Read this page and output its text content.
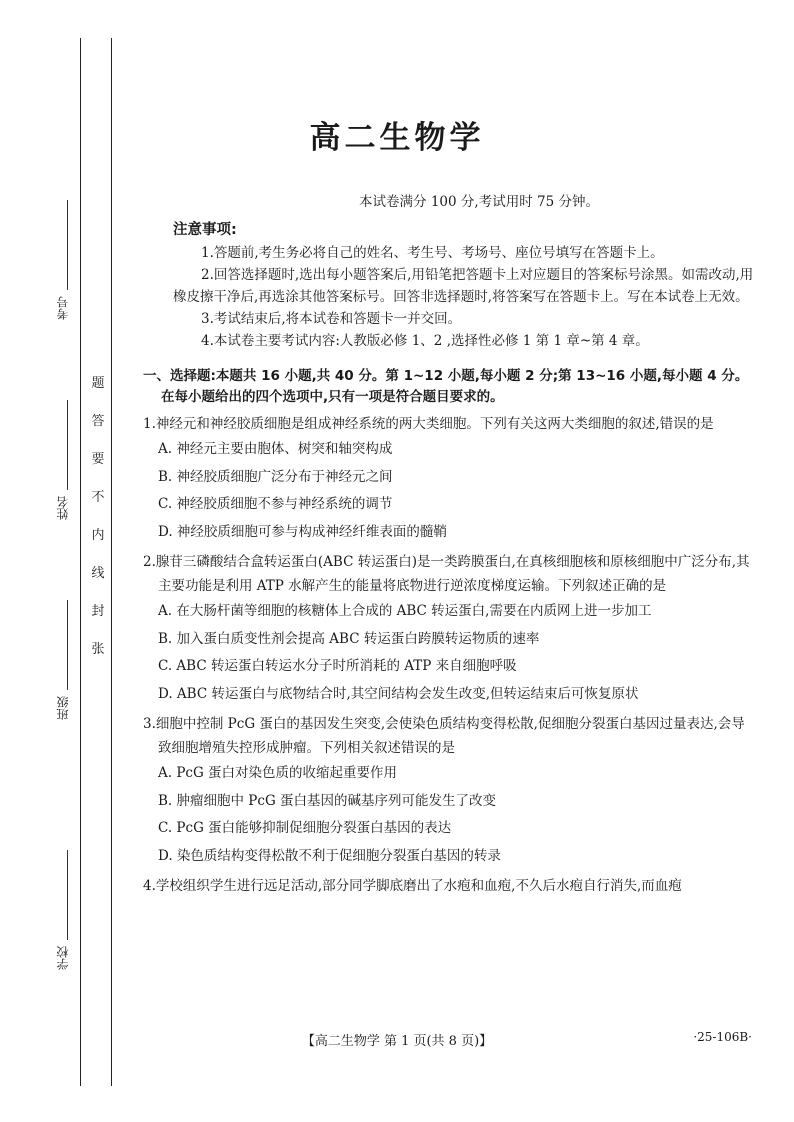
考号
姓名
班级
学校
题
答
要
不
内
线
封
张
高二生物学
本试卷满分 100 分,考试用时 75 分钟。
注意事项:
1.答题前,考生务必将自己的姓名、考生号、考场号、座位号填写在答题卡上。
2.回答选择题时,选出每小题答案后,用铅笔把答题卡上对应题目的答案标号涂黑。如需改动,用橡皮擦干净后,再选涂其他答案标号。回答非选择题时,将答案写在答题卡上。写在本试卷上无效。
3.考试结束后,将本试卷和答题卡一并交回。
4.本试卷主要考试内容:人教版必修 1、2 ,选择性必修 1 第 1 章~第 4 章。
一、选择题:本题共 16 小题,共 40 分。第 1~12 小题,每小题 2 分;第 13~16 小题,每小题 4 分。在每小题给出的四个选项中,只有一项是符合题目要求的。
1.神经元和神经胶质细胞是组成神经系统的两大类细胞。下列有关这两大类细胞的叙述,错误的是
A. 神经元主要由胞体、树突和轴突构成
B. 神经胶质细胞广泛分布于神经元之间
C. 神经胶质细胞不参与神经系统的调节
D. 神经胶质细胞可参与构成神经纤维表面的髓鞘
2.腺苷三磷酸结合盒转运蛋白(ABC 转运蛋白)是一类跨膜蛋白,在真核细胞核和原核细胞中广泛分布,其主要功能是利用 ATP 水解产生的能量将底物进行逆浓度梯度运输。下列叙述正确的是
A. 在大肠杆菌等细胞的核糖体上合成的 ABC 转运蛋白,需要在内质网上进一步加工
B. 加入蛋白质变性剂会提高 ABC 转运蛋白跨膜转运物质的速率
C. ABC 转运蛋白转运水分子时所消耗的 ATP 来自细胞呼吸
D. ABC 转运蛋白与底物结合时,其空间结构会发生改变,但转运结束后可恢复原状
3.细胞中控制 PcG 蛋白的基因发生突变,会使染色质结构变得松散,促细胞分裂蛋白基因过量表达,会导致细胞增殖失控形成肿瘤。下列相关叙述错误的是
A. PcG 蛋白对染色质的收缩起重要作用
B. 肿瘤细胞中 PcG 蛋白基因的碱基序列可能发生了改变
C. PcG 蛋白能够抑制促细胞分裂蛋白基因的表达
D. 染色质结构变得松散不利于促细胞分裂蛋白基因的转录
4.学校组织学生进行远足活动,部分同学脚底磨出了水疱和血疱,不久后水疱自行消失,而血疱
【高二生物学 第 1 页(共 8 页)】	·25-106B·
